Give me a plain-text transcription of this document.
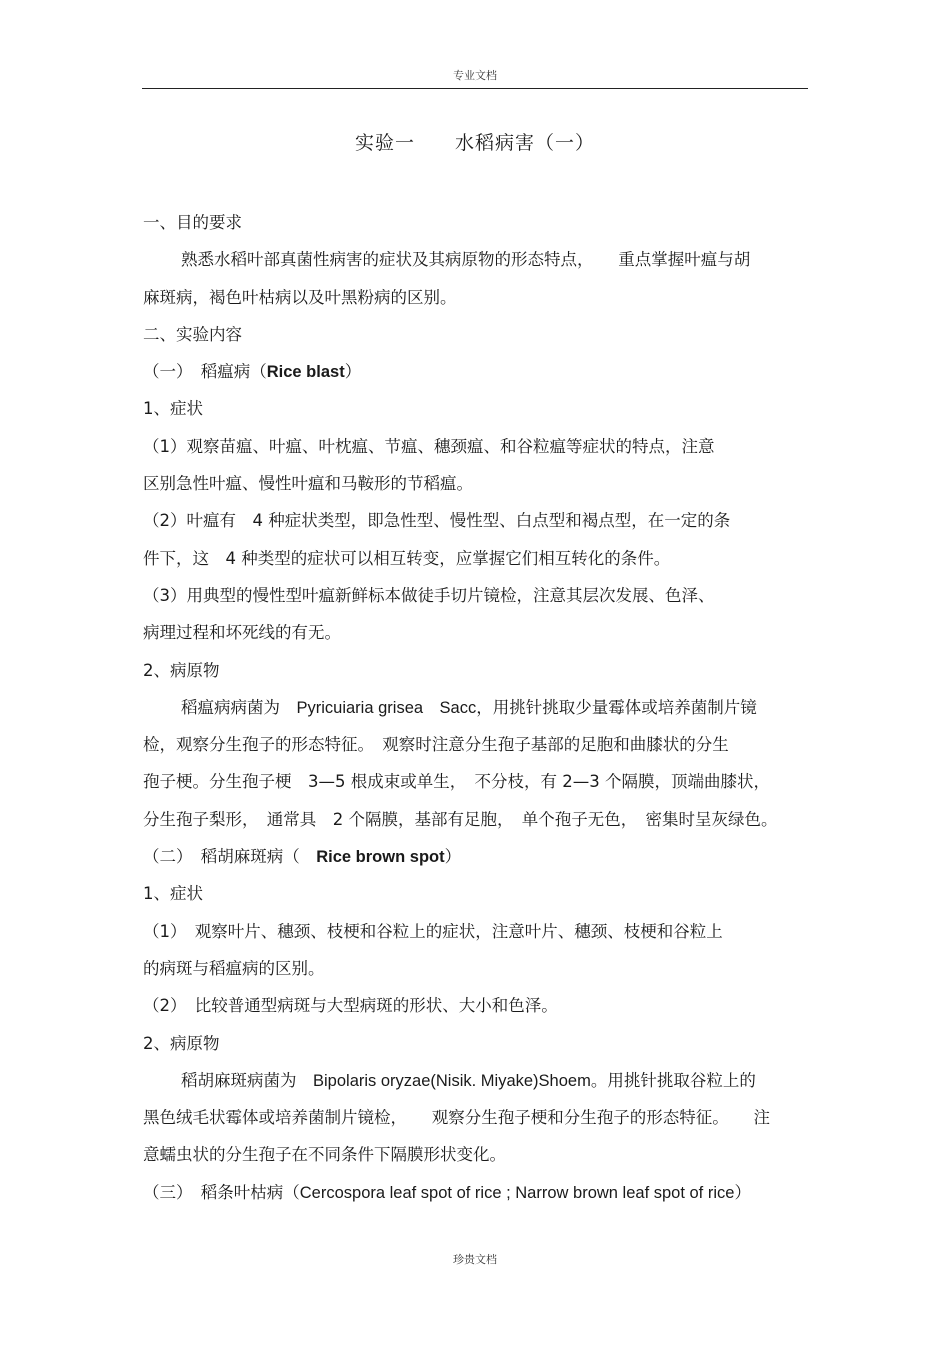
专业文档
实验一 水稻病害（一）
一、目的要求
熟悉水稻叶部真菌性病害的症状及其病原物的形态特点，　　重点掌握叶瘟与胡
麻斑病，褐色叶枯病以及叶黑粉病的区别。
二、实验内容
（一）　稻瘟病（Rice blast）
1、症状
（1）观察苗瘟、叶瘟、叶枕瘟、节瘟、穗颈瘟、和谷粒瘟等症状的特点，注意
区别急性叶瘟、慢性叶瘟和马鞍形的节稻瘟。
（2）叶瘟有　4 种症状类型，即急性型、慢性型、白点型和褐点型，在一定的条
件下，这　4 种类型的症状可以相互转变，应掌握它们相互转化的条件。
（3）用典型的慢性型叶瘟新鲜标本做徒手切片镜检，注意其层次发展、色泽、
病理过程和坏死线的有无。
2、病原物
稻瘟病病菌为　Pyricuiaria grisea　Sacc，用挑针挑取少量霉体或培养菌制片镜
检，观察分生孢子的形态特征。　观察时注意分生孢子基部的足胞和曲膝状的分生
孢子梗。分生孢子梗　3—5 根成束或单生，　不分枝，有 2—3 个隔膜，顶端曲膝状，
分生孢子梨形，　通常具　2 个隔膜，基部有足胞，　单个孢子无色，　密集时呈灰绿色。
（二）　稻胡麻斑病（　Rice brown spot）
1、症状
（1）　观察叶片、穗颈、枝梗和谷粒上的症状，注意叶片、穗颈、枝梗和谷粒上
的病斑与稻瘟病的区别。
（2）　比较普通型病斑与大型病斑的形状、大小和色泽。
2、病原物
稻胡麻斑病菌为　Bipolaris oryzae(Nisik. Miyake)Shoem。用挑针挑取谷粒上的
黑色绒毛状霉体或培养菌制片镜检，　　观察分生孢子梗和分生孢子的形态特征。　　注
意蠕虫状的分生孢子在不同条件下隔膜形状变化。
（三）　稻条叶枯病（Cercospora leaf spot of rice ; Narrow brown leaf spot of rice）
珍贵文档
